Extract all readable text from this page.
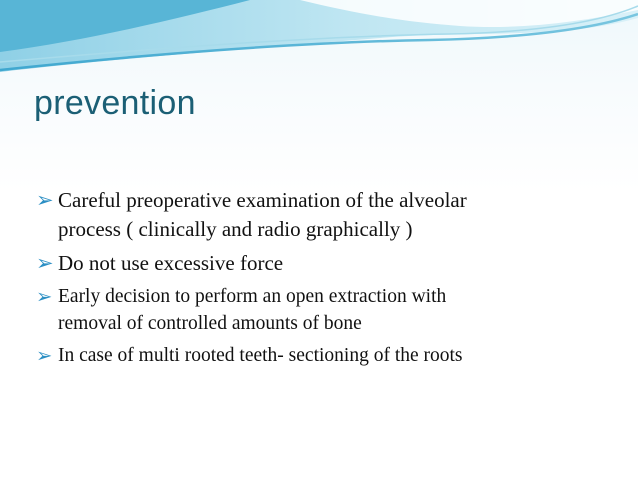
prevention
➢ Careful preoperative examination of the alveolar
process ( clinically and radio graphically )
➢ Do not use excessive force
➢ Early decision to perform an open extraction with
removal of controlled amounts of bone
➢ In case of multi rooted teeth- sectioning of the roots
